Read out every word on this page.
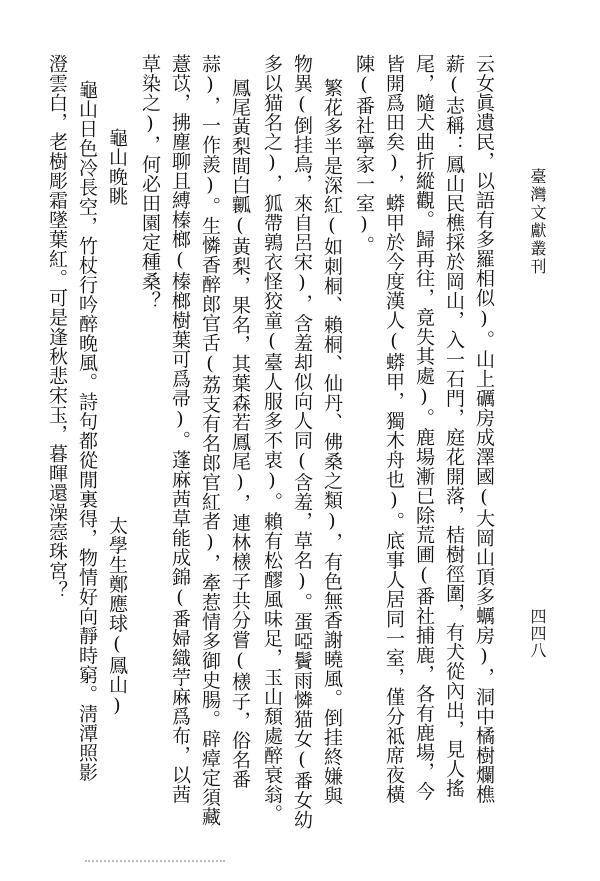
臺灣文獻叢刊
四四八
云女眞遺民，以語有多羅相似)。山上礪房成澤國(大岡山頂多蠣房)，洞中橘樹爛樵
薪(志稱：鳳山民樵採於岡山，入一石門，庭花開落，桔樹徑圍，有犬從內出，見人搖
尾，隨犬曲折縱觀。歸再往，竟失其處)。鹿場漸已除荒圃(番社捕鹿，各有鹿場，今
皆開爲田矣)，蟒甲於今度漢人(蟒甲，獨木舟也)。底事人居同一室，僅分祗席夜橫
陳(番社寧家一室)。
繁花多半是深紅(如刺桐、賴桐、仙丹、佛桑之類)，有色無香謝曉風。倒挂終嫌與
物異(倒挂鳥，來自呂宋)，含羞却似向人同(含羞，草名)。蛋啞鬢雨憐猫女(番女幼
多以猫名之)，狐帶鶉衣怪狡童(臺人服多不衷)。賴有松醪風味足，玉山頹處醉衰翁。
鳳尾黃梨間白瓤(黃梨，果名，其葉森若鳳尾)，連林檨子共分嘗(檨子，俗名番
蒜)，一作羨)。生憐香醉郎官舌(荔支有名郎官紅者)，牽惹情多御史腸。辟瘴定須藏
薏苡，拂塵聊且縛榛榔(榛榔樹葉可爲帚)。蓬麻茜草能成錦(番婦織苧麻爲布，以茜
草染之)，何必田園定種桑？
龜山晚眺
太學生鄭應球(鳳山)
龜山日色冷長空，竹杖行吟醉晚風。詩句都從閒裏得，物情好向靜時窮。淸潭照影
澄雲白，老樹彫霜墜葉紅。可是逢秋悲宋玉，暮暉還澡悫珠宮？
